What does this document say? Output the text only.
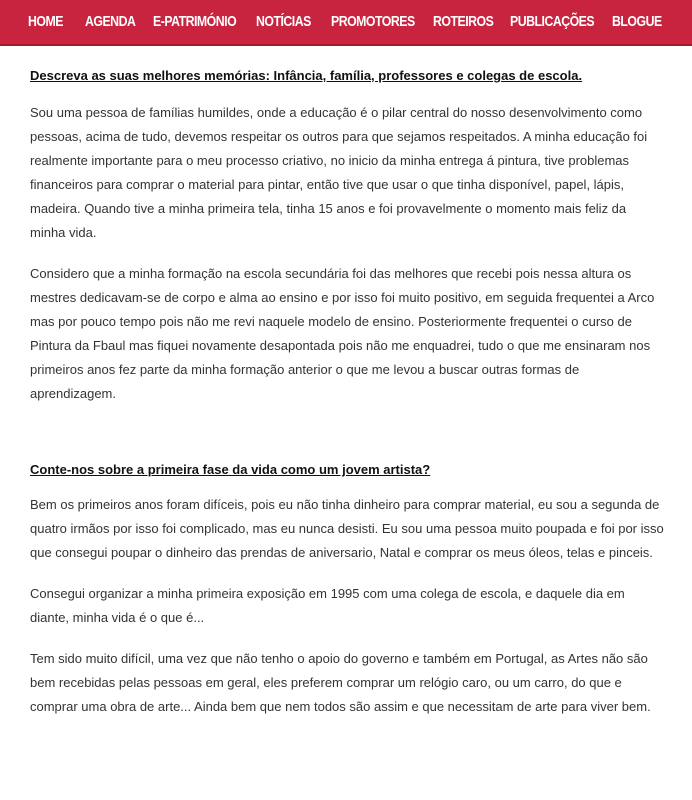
HOME	AGENDA	E-PATRIMÓNIO	NOTÍCIAS	PROMOTORES	ROTEIROS	PUBLICAÇÕES	BLOGUE

Descreva as suas melhores memórias: Infância, família, professores e colegas de escola.

Sou uma pessoa de famílias humildes, onde a educação é o pilar central do nosso desenvolvimento como pessoas, acima de tudo, devemos respeitar os outros para que sejamos respeitados. A minha educação foi realmente importante para o meu processo criativo, no inicio da minha entrega á pintura, tive problemas financeiros para comprar o material para pintar, então tive que usar o que tinha disponível, papel, lápis, madeira. Quando tive a minha primeira tela, tinha 15 anos e foi provavelmente o momento mais feliz da minha vida.

Considero que a minha formação na escola secundária foi das melhores que recebi pois nessa altura os mestres dedicavam-se de corpo e alma ao ensino e por isso foi muito positivo, em seguida frequentei a Arco mas por pouco tempo pois não me revi naquele modelo de ensino. Posteriormente frequentei o curso de Pintura da Fbaul mas fiquei novamente desapontada pois não me enquadrei, tudo o que me ensinaram nos primeiros anos fez parte da minha formação anterior o que me levou a buscar outras formas de aprendizagem.

Conte-nos sobre a primeira fase da vida como um jovem artista?

Bem os primeiros anos foram difíceis, pois eu não tinha dinheiro para comprar material, eu sou a segunda de quatro irmãos por isso foi complicado, mas eu nunca desisti. Eu sou uma pessoa muito poupada e foi por isso que consegui poupar o dinheiro das prendas de aniversario, Natal e comprar os meus óleos, telas e pinceis.

Consegui organizar a minha primeira exposição em 1995 com uma colega de escola, e daquele dia em diante, minha vida é o que é...

Tem sido muito difícil, uma vez que não tenho o apoio do governo e também em Portugal, as Artes não são bem recebidas pelas pessoas em geral, eles preferem comprar um relógio caro, ou um carro, do que e comprar uma obra de arte... Ainda bem que nem todos são assim e que necessitam de arte para viver bem.
